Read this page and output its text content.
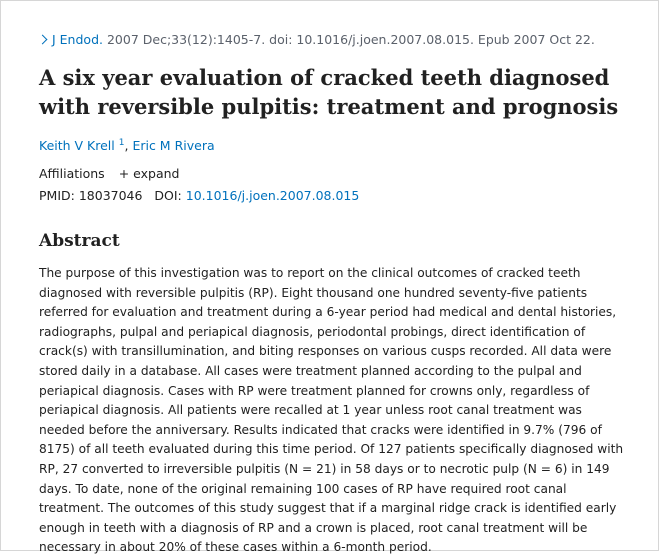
J Endod. 2007 Dec;33(12):1405-7. doi: 10.1016/j.joen.2007.08.015. Epub 2007 Oct 22.
A six year evaluation of cracked teeth diagnosed with reversible pulpitis: treatment and prognosis
Keith V Krell $^1$, Eric M Rivera
Affiliations + expand
PMID: 18037046 DOI: 10.1016/j.joen.2007.08.015
Abstract

The purpose of this investigation was to report on the clinical outcomes of cracked teeth diagnosed with reversible pulpitis (RP). Eight thousand one hundred seventy-five patients referred for evaluation and treatment during a 6-year period had medical and dental histories, radiographs, pulpal and periapical diagnosis, periodontal probings, direct identification of crack(s) with transillumination, and biting responses on various cusps recorded. All data were stored daily in a database. All cases were treatment planned according to the pulpal and periapical diagnosis. Cases with RP were treatment planned for crowns only, regardless of periapical diagnosis. All patients were recalled at 1 year unless root canal treatment was needed before the anniversary. Results indicated that cracks were identified in 9.7% (796 of 8175) of all teeth evaluated during this time period. Of 127 patients specifically diagnosed with RP, 27 converted to irreversible pulpitis (N = 21) in 58 days or to necrotic pulp (N = 6) in 149 days. To date, none of the original remaining 100 cases of RP have required root canal treatment. The outcomes of this study suggest that if a marginal ridge crack is identified early enough in teeth with a diagnosis of RP and a crown is placed, root canal treatment will be necessary in about 20% of these cases within a 6-month period.
